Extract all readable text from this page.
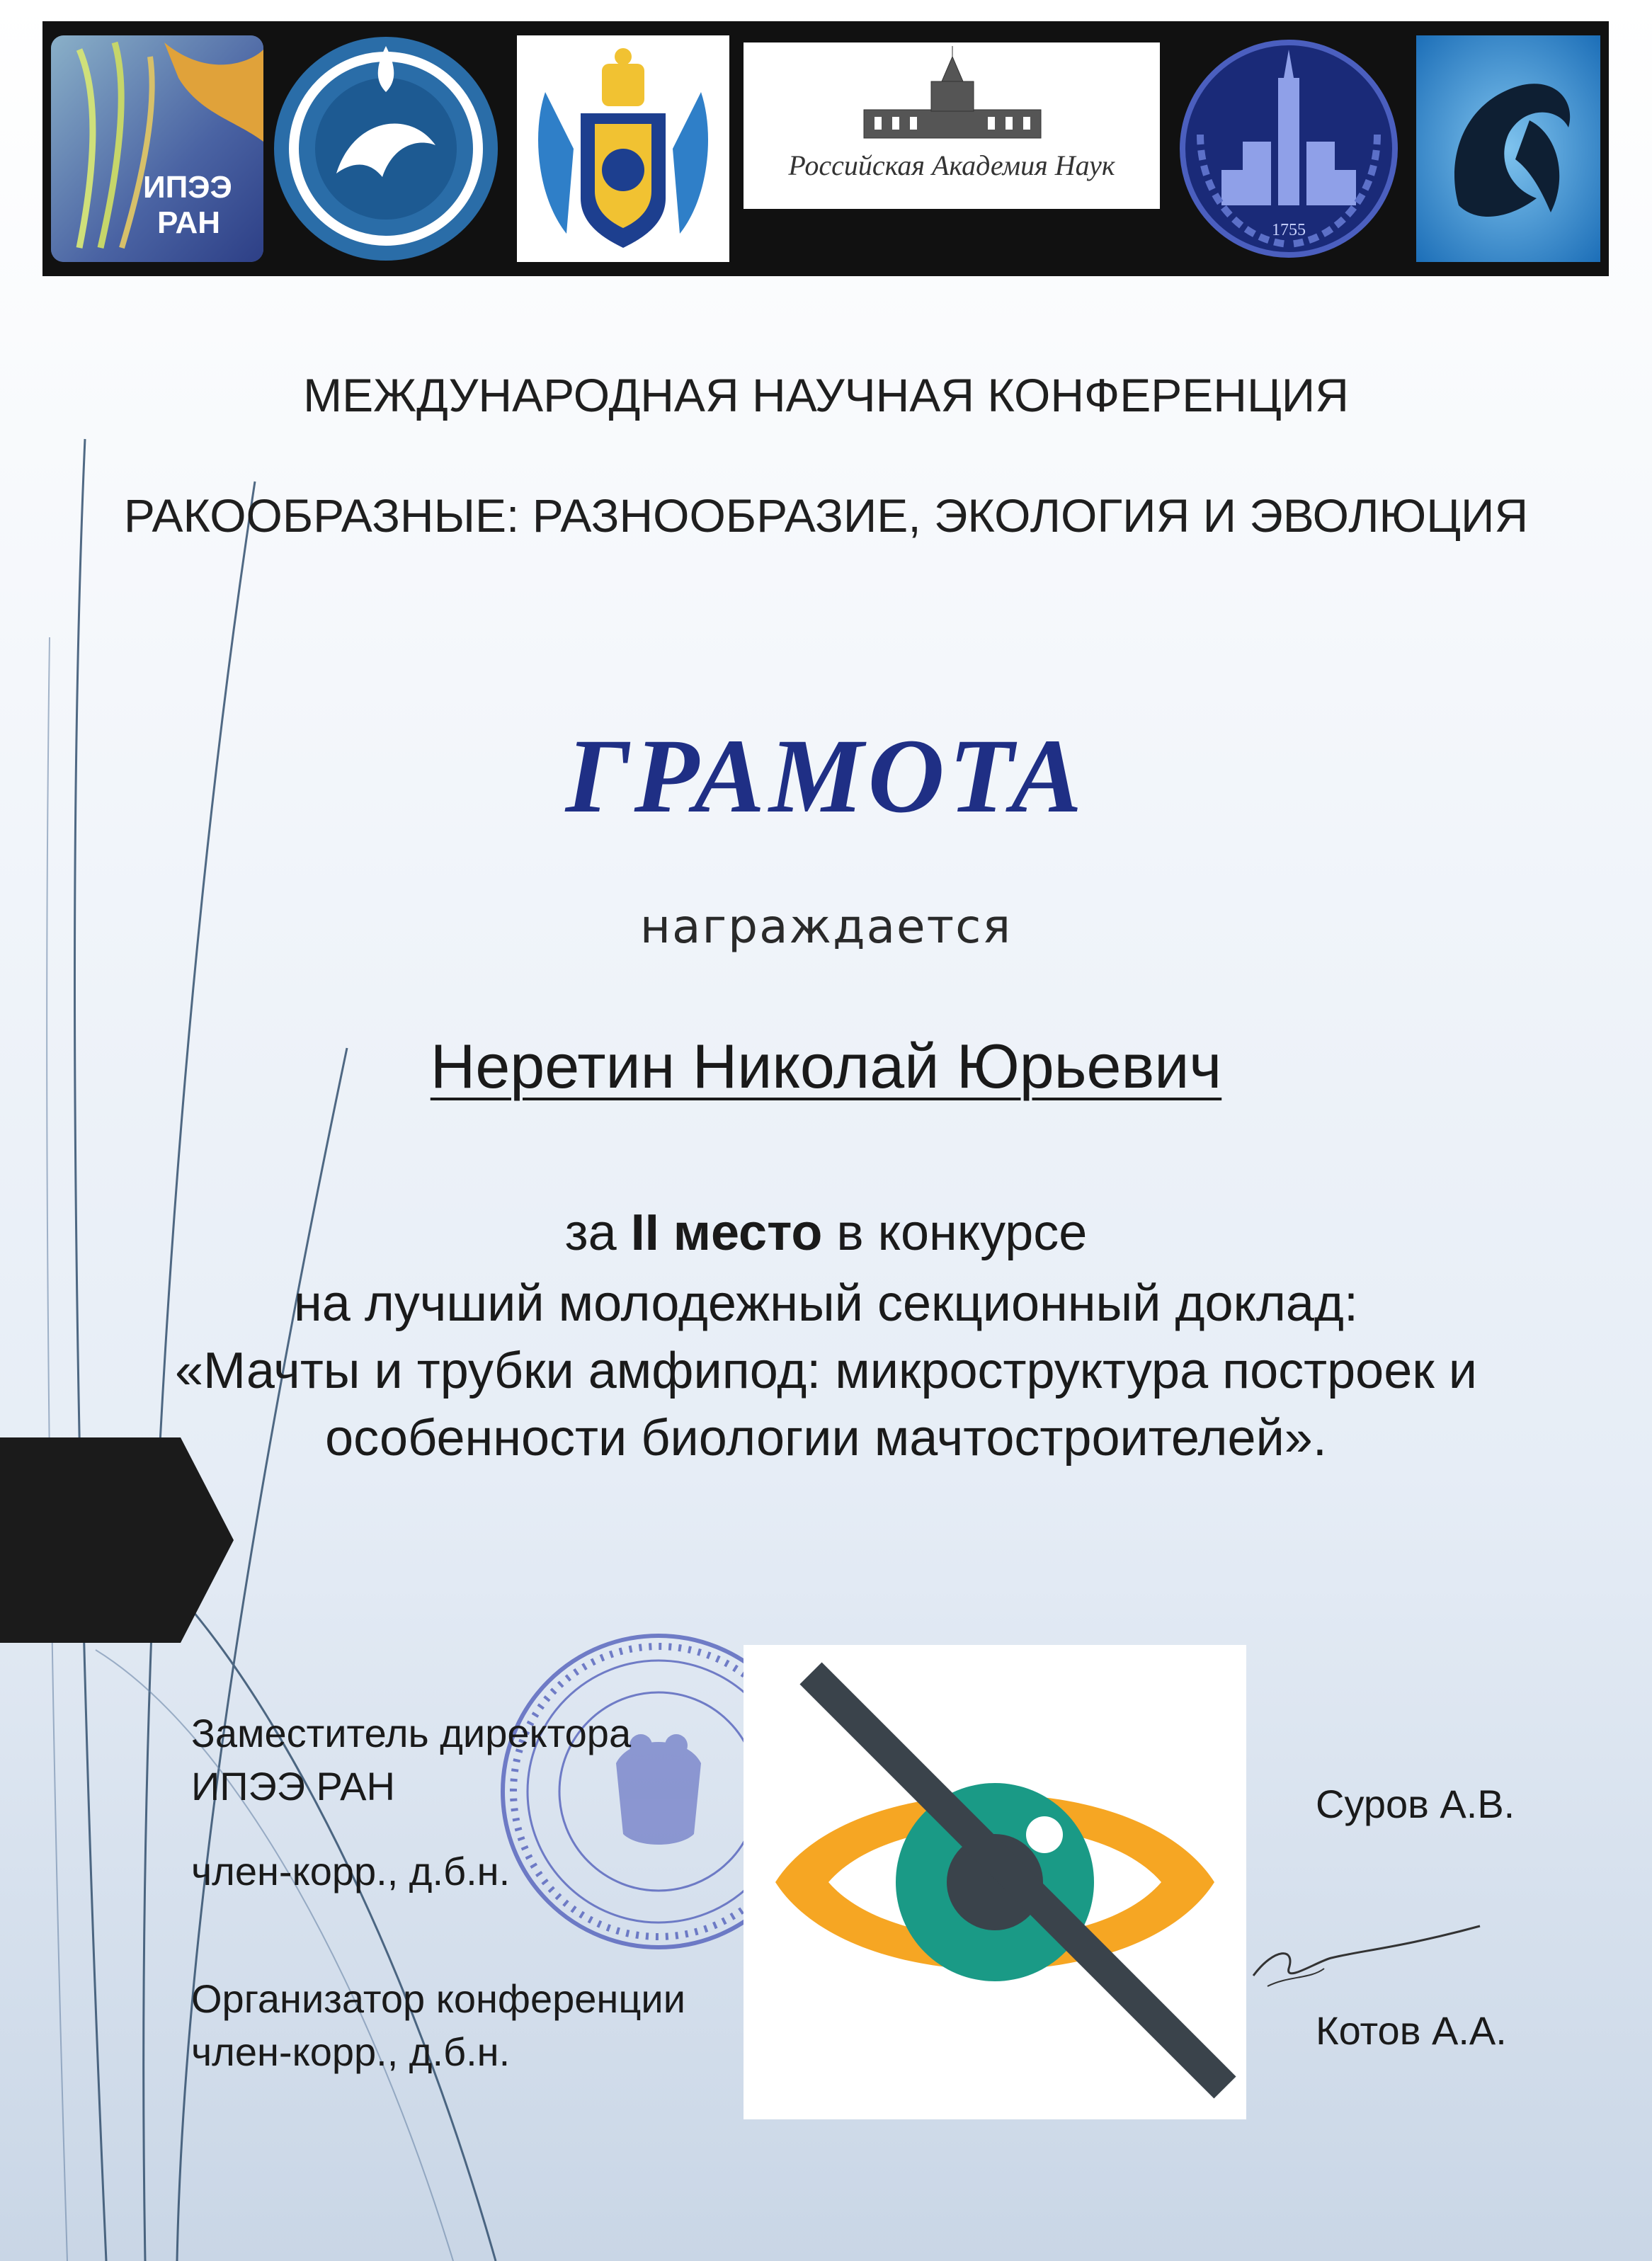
ИПЭЭ
РАН
Российская Академия Наук
1755
МЕЖДУНАРОДНАЯ НАУЧНАЯ КОНФЕРЕНЦИЯ
РАКООБРАЗНЫЕ: РАЗНООБРАЗИЕ, ЭКОЛОГИЯ И ЭВОЛЮЦИЯ
ГРАМОТА
награждается
Неретин Николай Юрьевич
за II место в конкурсе
на лучший молодежный секционный доклад:
«Мачты и трубки амфипод: микроструктура построек и
особенности биологии мачтостроителей».
Заместитель директора
ИПЭЭ РАН
член-корр., д.б.н.
Организатор конференции
член-корр., д.б.н.
Суров А.В.
Котов А.А.
